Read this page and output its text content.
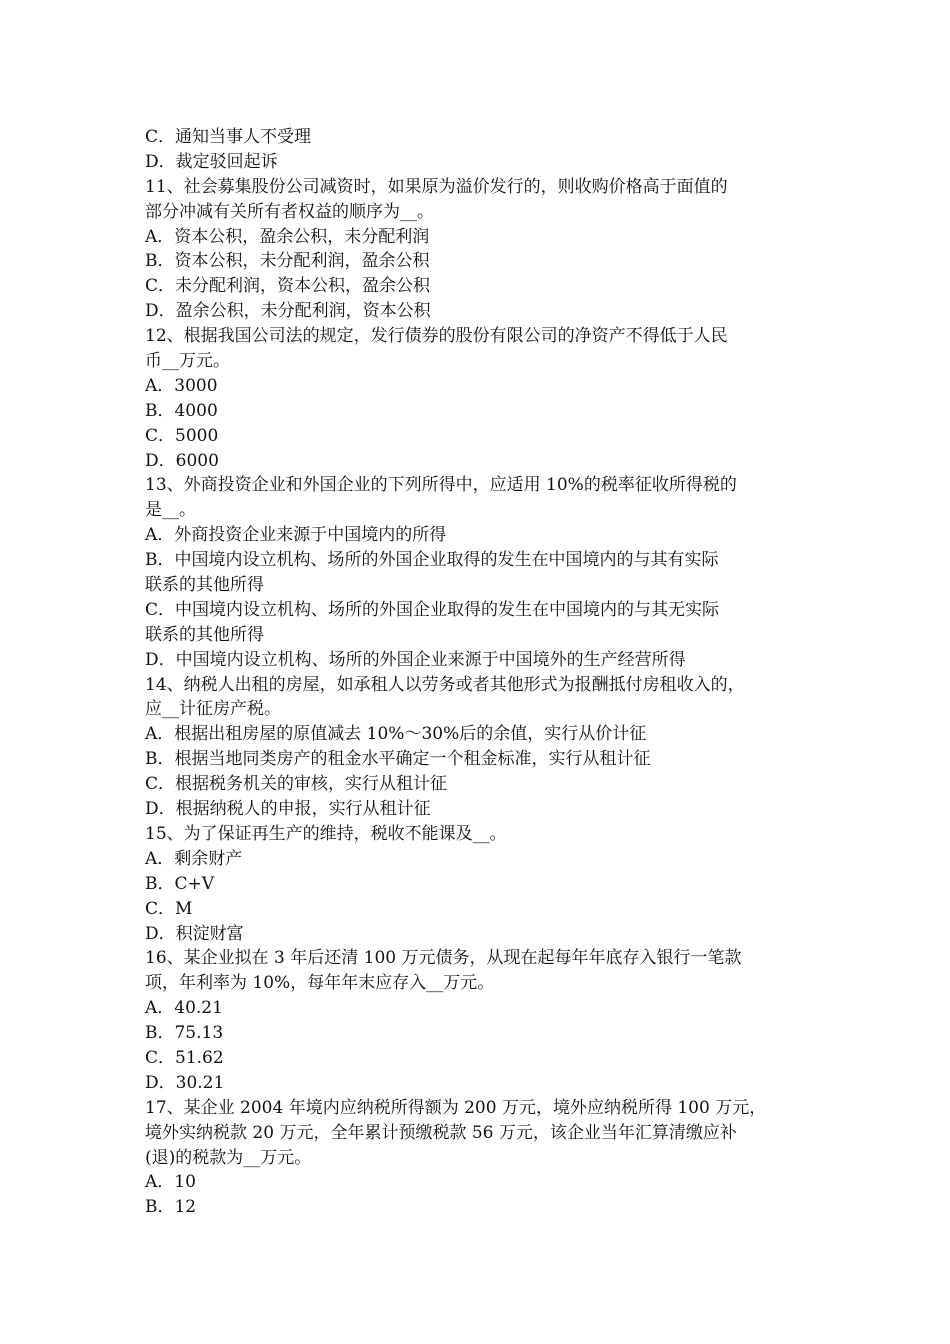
C．通知当事人不受理
D．裁定驳回起诉
11、社会募集股份公司减资时，如果原为溢价发行的，则收购价格高于面值的
部分冲减有关所有者权益的顺序为__。
A．资本公积，盈余公积，未分配利润
B．资本公积，未分配利润，盈余公积
C．未分配利润，资本公积，盈余公积
D．盈余公积，未分配利润，资本公积
12、根据我国公司法的规定，发行债券的股份有限公司的净资产不得低于人民
币__万元。
A．3000
B．4000
C．5000
D．6000
13、外商投资企业和外国企业的下列所得中，应适用 10%的税率征收所得税的
是__。
A．外商投资企业来源于中国境内的所得
B．中国境内设立机构、场所的外国企业取得的发生在中国境内的与其有实际
联系的其他所得
C．中国境内设立机构、场所的外国企业取得的发生在中国境内的与其无实际
联系的其他所得
D．中国境内设立机构、场所的外国企业来源于中国境外的生产经营所得
14、纳税人出租的房屋，如承租人以劳务或者其他形式为报酬抵付房租收入的，
应__计征房产税。
A．根据出租房屋的原值减去 10%～30%后的余值，实行从价计征
B．根据当地同类房产的租金水平确定一个租金标准，实行从租计征
C．根据税务机关的审核，实行从租计征
D．根据纳税人的申报，实行从租计征
15、为了保证再生产的维持，税收不能课及__。
A．剩余财产
B．C+V
C．M
D．积淀财富
16、某企业拟在 3 年后还清 100 万元债务，从现在起每年年底存入银行一笔款
项，年利率为 10%，每年年末应存入__万元。
A．40.21
B．75.13
C．51.62
D．30.21
17、某企业 2004 年境内应纳税所得额为 200 万元，境外应纳税所得 100 万元，
境外实纳税款 20 万元，全年累计预缴税款 56 万元，该企业当年汇算清缴应补
(退)的税款为__万元。
A．10
B．12
